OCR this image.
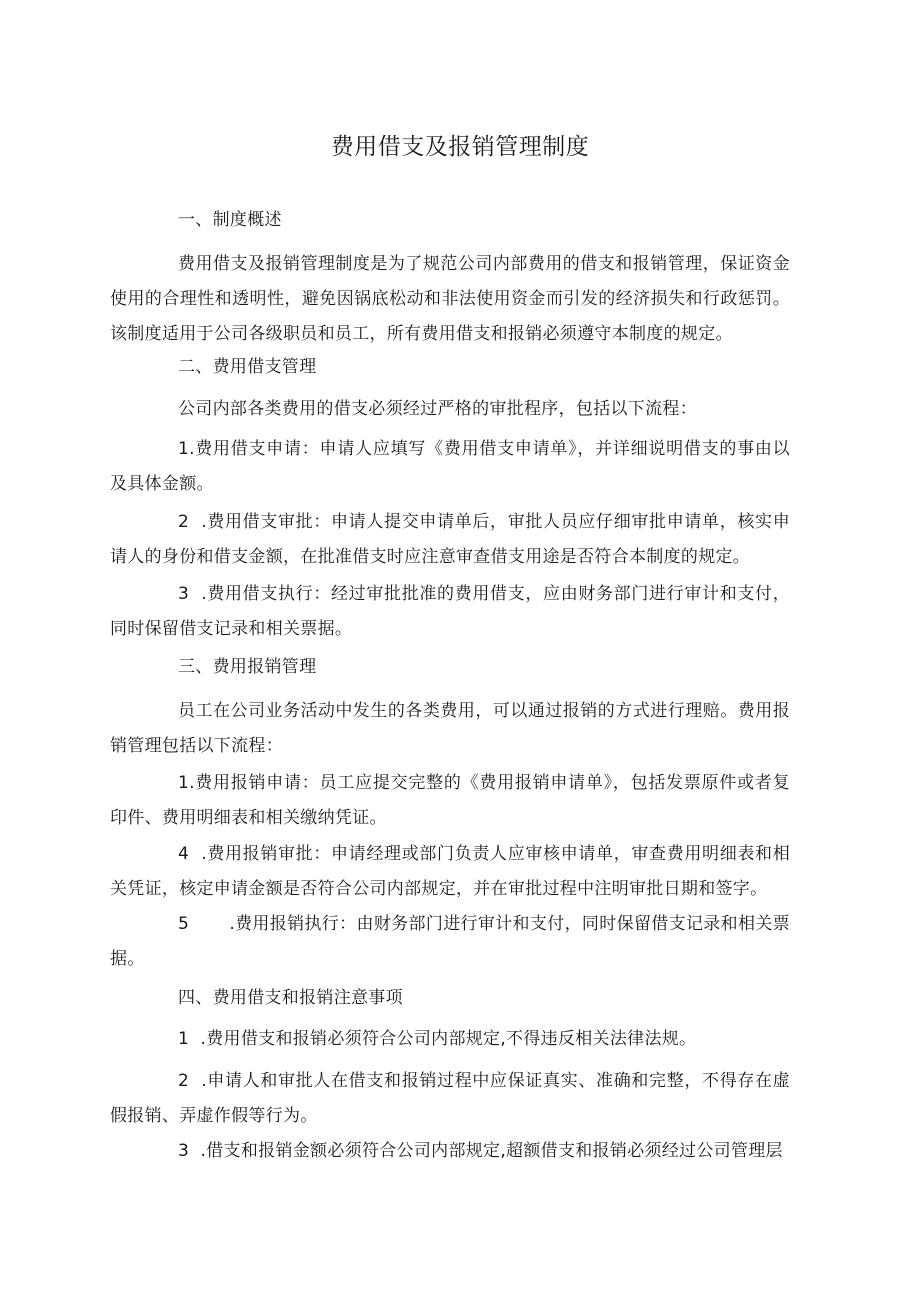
费用借支及报销管理制度
一、制度概述
费用借支及报销管理制度是为了规范公司内部费用的借支和报销管理，保证资金使用的合理性和透明性，避免因锅底松动和非法使用资金而引发的经济损失和行政惩罚。该制度适用于公司各级职员和员工，所有费用借支和报销必须遵守本制度的规定。
二、费用借支管理
公司内部各类费用的借支必须经过严格的审批程序，包括以下流程：
1.费用借支申请：申请人应填写《费用借支申请单》，并详细说明借支的事由以及具体金额。
2 .费用借支审批：申请人提交申请单后，审批人员应仔细审批申请单，核实申请人的身份和借支金额，在批准借支时应注意审查借支用途是否符合本制度的规定。
3 .费用借支执行：经过审批批准的费用借支，应由财务部门进行审计和支付，同时保留借支记录和相关票据。
三、费用报销管理
员工在公司业务活动中发生的各类费用，可以通过报销的方式进行理赔。费用报销管理包括以下流程：
1.费用报销申请：员工应提交完整的《费用报销申请单》，包括发票原件或者复印件、费用明细表和相关缴纳凭证。
4 .费用报销审批：申请经理或部门负责人应审核申请单，审查费用明细表和相关凭证，核定申请金额是否符合公司内部规定，并在审批过程中注明审批日期和签字。
5 .费用报销执行：由财务部门进行审计和支付，同时保留借支记录和相关票据。
四、费用借支和报销注意事项
1 .费用借支和报销必须符合公司内部规定,不得违反相关法律法规。
2 .申请人和审批人在借支和报销过程中应保证真实、准确和完整，不得存在虚假报销、弄虚作假等行为。
3 .借支和报销金额必须符合公司内部规定,超额借支和报销必须经过公司管理层
